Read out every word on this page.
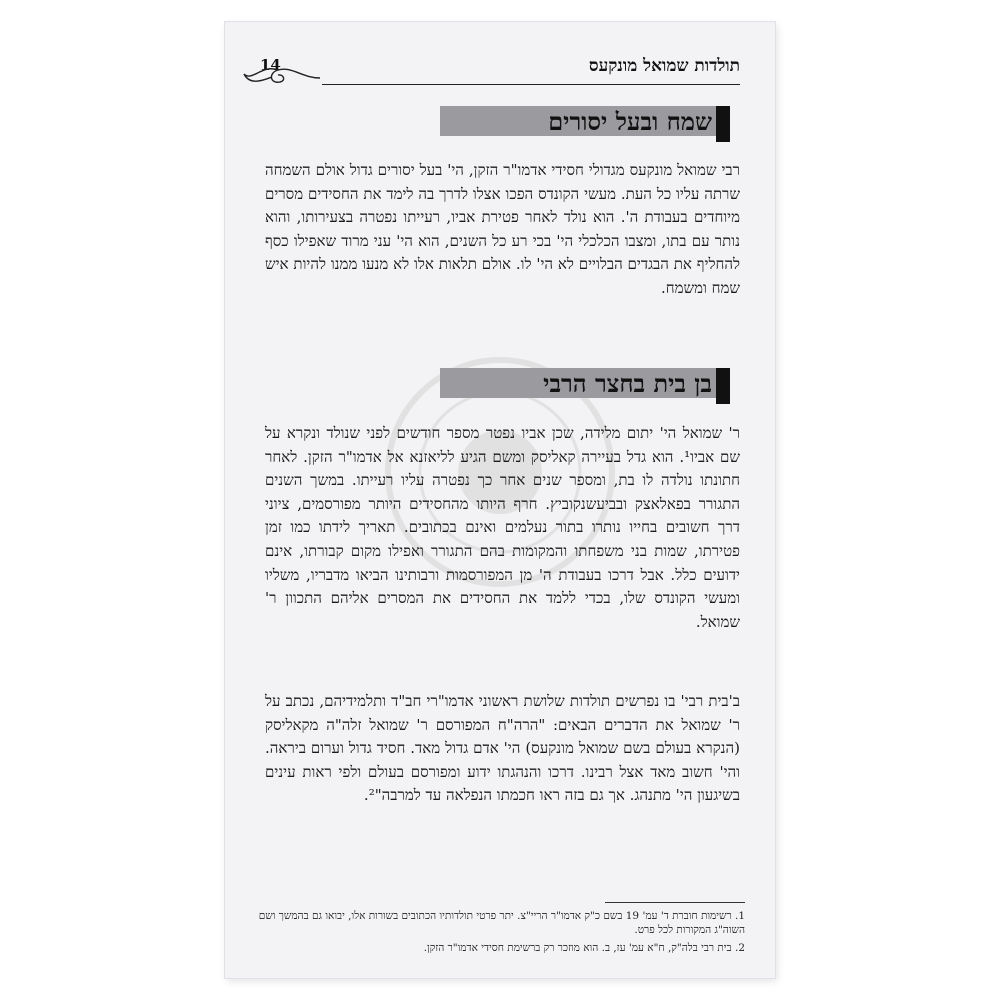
תולדות שמואל מונקעס
14
שמח ובעל יסורים

רבי שמואל מונקעס מגדולי חסידי אדמו"ר הזקן, הי' בעל יסורים גדול אולם השמחה שרתה עליו כל העת. מעשי הקונדס הפכו אצלו לדרך בה לימד את החסידים מסרים מיוחדים בעבודת ה'. הוא נולד לאחר פטירת אביו, רעייתו נפטרה בצעירותו, והוא נותר עם בתו, ומצבו הכלכלי הי' בכי רע כל השנים, הוא הי' עני מרוד שאפילו כסף להחליף את הבגדים הבלויים לא הי' לו. אולם תלאות אלו לא מנעו ממנו להיות איש שמח ומשמח.

בן בית בחצר הרבי

ר' שמואל הי' יתום מלידה, שכן אביו נפטר מספר חודשים לפני שנולד ונקרא על שם אביו¹. הוא גדל בעיירה קאליסק ומשם הגיע לליאזנא אל אדמו"ר הזקן. לאחר חתונתו נולדה לו בת, ומספר שנים אחר כך נפטרה עליו רעייתו. במשך השנים התגורר בפאלאצק ובביעשנקוביץ. חרף היותו מהחסידים היותר מפורסמים, ציוני דרך חשובים בחייו נותרו בתור נעלמים ואינם בכתובים. תאריך לידתו כמו זמן פטירתו, שמות בני משפחתו והמקומות בהם התגורר ואפילו מקום קבורתו, אינם ידועים כלל. אבל דרכו בעבודת ה' מן המפורסמות ורבותינו הביאו מדבריו, משליו ומעשי הקונדס שלו, בכדי ללמד את החסידים את המסרים אליהם התכוון ר' שמואל.

ב'בית רבי' בו נפרשים תולדות שלושת ראשוני אדמו"רי חב"ד ותלמידיהם, נכתב על ר' שמואל את הדברים הבאים: "הרה"ח המפורסם ר' שמואל זלה"ה מקאליסק (הנקרא בעולם בשם שמואל מונקעס) הי' אדם גדול מאד. חסיד גדול וערום ביראה. והי' חשוב מאד אצל רבינו. דרכו והנהגתו ידוע ומפורסם בעולם ולפי ראות עינים בשיגעון הי' מתנהג. אך גם בזה ראו חכמתו הנפלאה עד למרבה"².

1. רשימות חוברת ד' עמ' 19 בשם כ"ק אדמו"ר הריי"צ. יתר פרטי תולדותיו הכתובים בשורות אלו, יבואו גם בהמשך ושם השוה"ג המקורות לכל פרט.

2. בית רבי בלה"ק, ח"א עמ' עז, ב. הוא מוזכר רק ברשימת חסידי אדמו"ר הזקן.
